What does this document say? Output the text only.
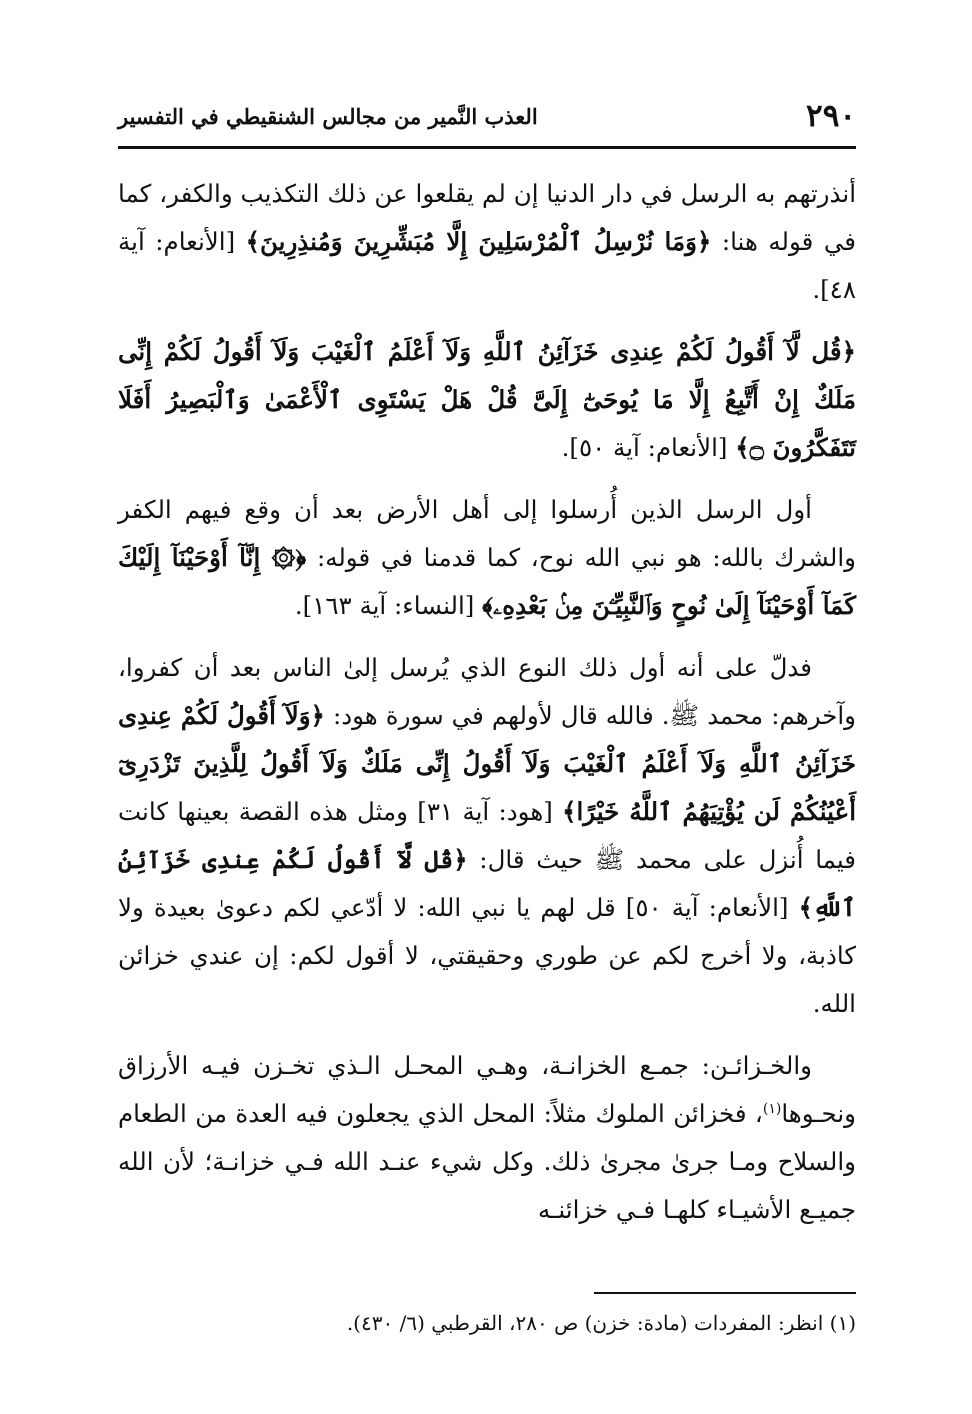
٢٩٠
العذب النَّمير من مجالس الشنقيطي في التفسير

أنذرتهم به الرسل في دار الدنيا إن لم يقلعوا عن ذلك التكذيب والكفر، كما في قوله هنا: ﴿وَمَا نُرْسِلُ ٱلْمُرْسَلِينَ إِلَّا مُبَشِّرِينَ وَمُنذِرِينَ﴾ [الأنعام: آية ٤٨].

﴿قُل لَّآ أَقُولُ لَكُمْ عِندِى خَزَآئِنُ ٱللَّهِ وَلَآ أَعْلَمُ ٱلْغَيْبَ وَلَآ أَقُولُ لَكُمْ إِنِّى مَلَكٌ إِنْ أَتَّبِعُ إِلَّا مَا يُوحَىٰٓ إِلَىَّ قُلْ هَلْ يَسْتَوِى ٱلْأَعْمَىٰ وَٱلْبَصِيرُ أَفَلَا تَتَفَكَّرُونَ ۝﴾ [الأنعام: آية ٥٠].

أول الرسل الذين أُرسلوا إلى أهل الأرض بعد أن وقع فيهم الكفر والشرك بالله: هو نبي الله نوح، كما قدمنا في قوله: ﴿۞ إِنَّآ أَوْحَيْنَآ إِلَيْكَ كَمَآ أَوْحَيْنَآ إِلَىٰ نُوحٍ وَٱلنَّبِيِّـۧنَ مِنۢ بَعْدِهِۦ﴾ [النساء: آية ١٦٣].

فدلّ على أنه أول ذلك النوع الذي يُرسل إلىٰ الناس بعد أن كفروا، وآخرهم: محمد ﷺ. فالله قال لأولهم في سورة هود: ﴿وَلَآ أَقُولُ لَكُمْ عِندِى خَزَآئِنُ ٱللَّهِ وَلَآ أَعْلَمُ ٱلْغَيْبَ وَلَآ أَقُولُ إِنِّى مَلَكٌ وَلَآ أَقُولُ لِلَّذِينَ تَزْدَرِىٓ أَعْيُنُكُمْ لَن يُؤْتِيَهُمُ ٱللَّهُ خَيْرًا﴾ [هود: آية ٣١] ومثل هذه القصة بعينها كانت فيما أُنزل على محمد ﷺ حيث قال: ﴿قُل لَّآ أَقُولُ لَكُمْ عِندِى خَزَآئِنُ ٱللَّهِ﴾ [الأنعام: آية ٥٠] قل لهم يا نبي الله: لا أدّعي لكم دعوىٰ بعيدة ولا كاذبة، ولا أخرج لكم عن طوري وحقيقتي، لا أقول لكم: إن عندي خزائن الله.

والخـزائـن: جمـع الخزانـة، وهـي المحـل الـذي تخـزن فيـه الأرزاق ونحـوها$^{(١)}$، فخزائن الملوك مثلاً: المحل الذي يجعلون فيه العدة من الطعام والسلاح ومـا جرىٰ مجرىٰ ذلك. وكل شيء عنـد الله فـي خزانـة؛ لأن الله جميـع الأشيـاء كلهـا فـي خزائنـه

(١) انظر: المفردات (مادة: خزن) ص ٢٨٠، القرطبي (٦/ ٤٣٠).
